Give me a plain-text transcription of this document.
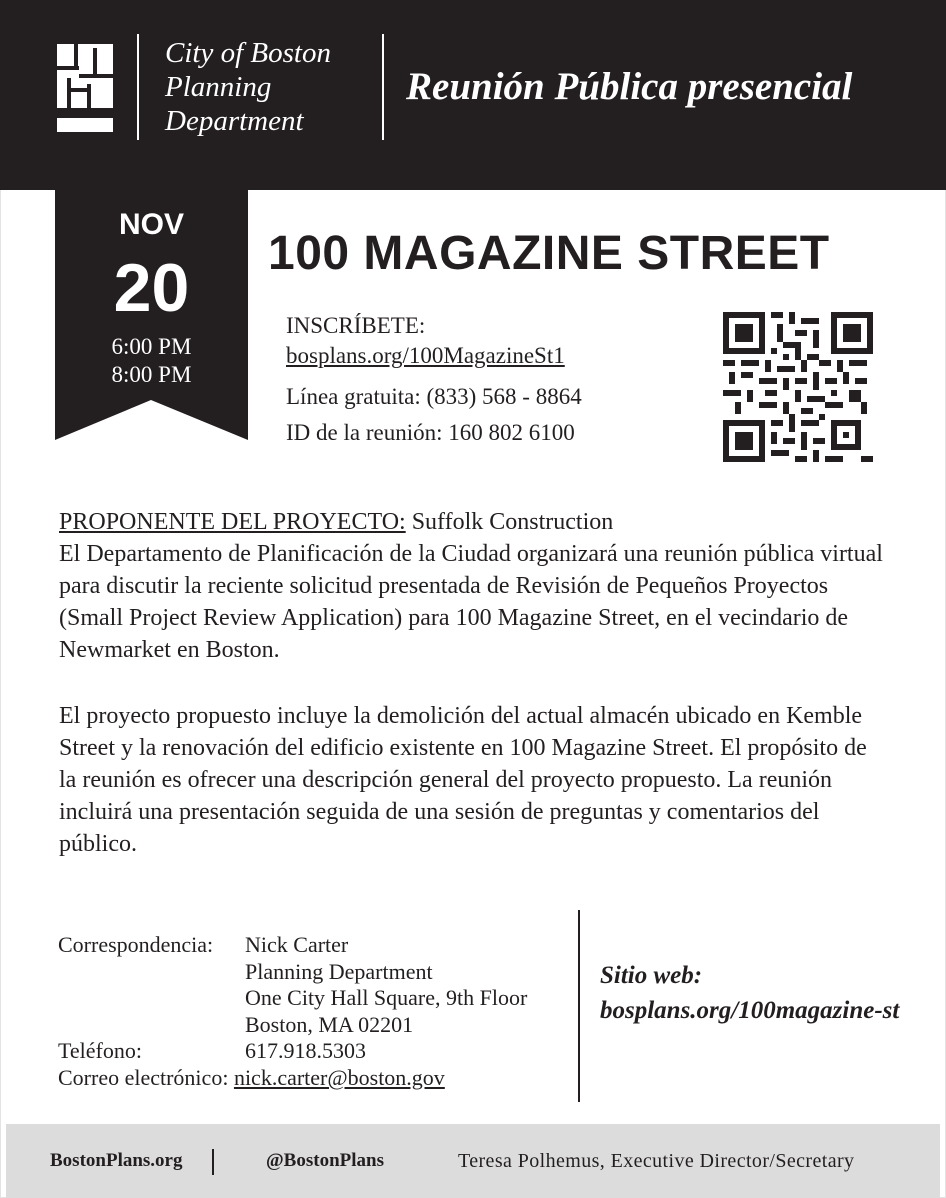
City of Boston
Planning
Department
Reunión Pública presencial
NOV
20
6:00 PM
8:00 PM
100 MAGAZINE STREET
INSCRÍBETE:
bosplans.org/100MagazineSt1
Línea gratuita: (833) 568 - 8864
ID de la reunión: 160 802 6100
PROPONENTE DEL PROYECTO: Suffolk Construction
El Departamento de Planificación de la Ciudad organizará una reunión pública virtual para discutir la reciente solicitud presentada de Revisión de Pequeños Proyectos (Small Project Review Application) para 100 Magazine Street, en el vecindario de Newmarket en Boston.
El proyecto propuesto incluye la demolición del actual almacén ubicado en Kemble Street y la renovación del edificio existente en 100 Magazine Street. El propósito de la reunión es ofrecer una descripción general del proyecto propuesto. La reunión incluirá una presentación seguida de una sesión de preguntas y comentarios del público.
Correspondencia:	Nick Carter
Planning Department
One City Hall Square, 9th Floor
Boston, MA 02201
Teléfono:	617.918.5303
Correo electrónico:
nick.carter@boston.gov
Sitio web:
bosplans.org/100magazine-st
BostonPlans.org	@BostonPlans	Teresa Polhemus, Executive Director/Secretary
